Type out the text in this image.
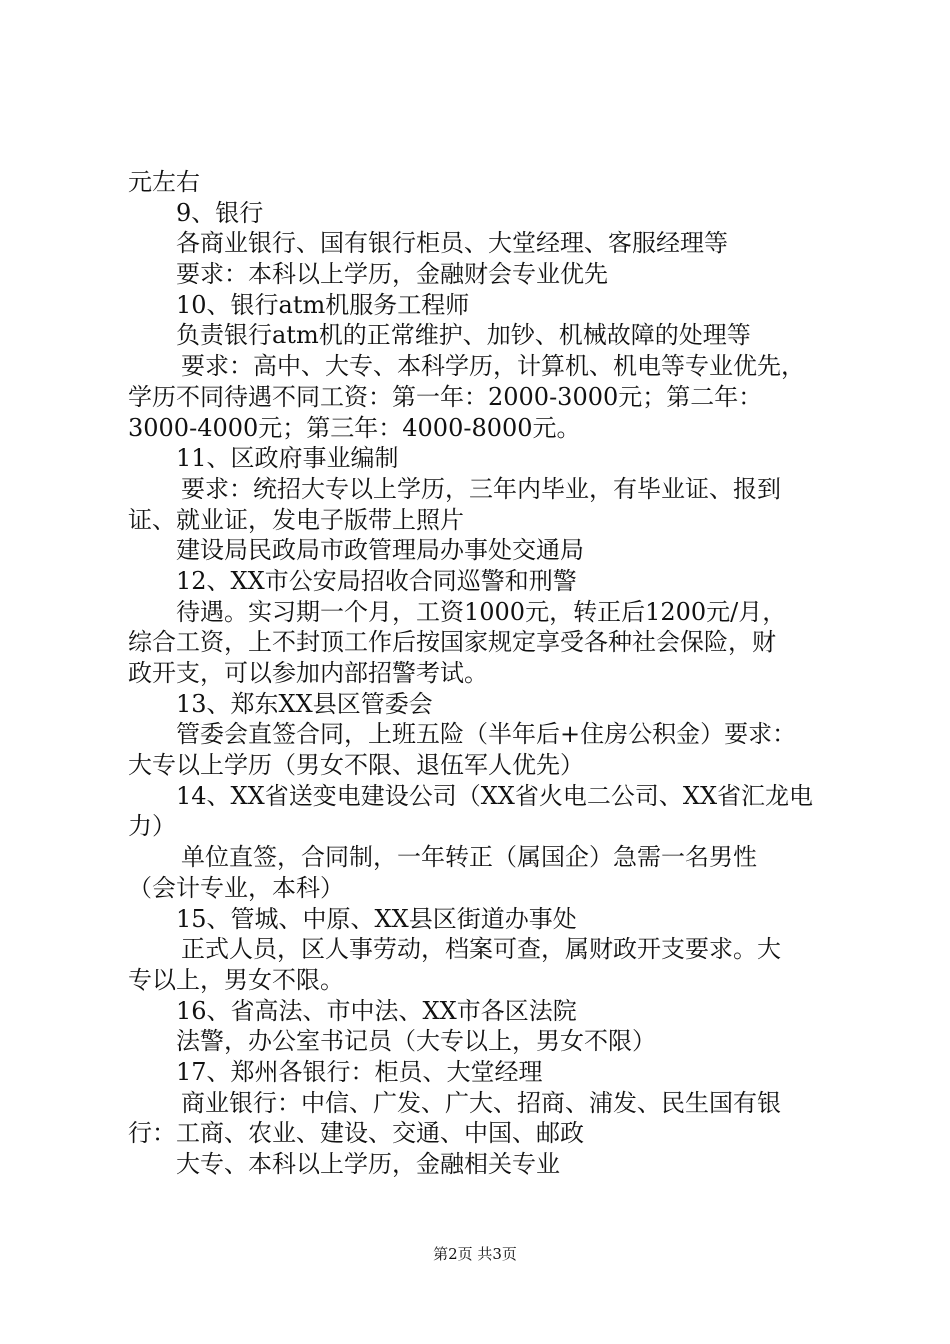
元左右
9、银行
各商业银行、国有银行柜员、大堂经理、客服经理等
要求：本科以上学历，金融财会专业优先
10、银行atm机服务工程师
负责银行atm机的正常维护、加钞、机械故障的处理等
要求：高中、大专、本科学历，计算机、机电等专业优先，
学历不同待遇不同工资：第一年：2000-3000元；第二年：
3000-4000元；第三年：4000-8000元。
11、区政府事业编制
要求：统招大专以上学历，三年内毕业，有毕业证、报到
证、就业证，发电子版带上照片
建设局民政局市政管理局办事处交通局
12、XX市公安局招收合同巡警和刑警
待遇。实习期一个月，工资1000元，转正后1200元/月，
综合工资，上不封顶工作后按国家规定享受各种社会保险，财
政开支，可以参加内部招警考试。
13、郑东XX县区管委会
管委会直签合同，上班五险（半年后+住房公积金）要求：
大专以上学历（男女不限、退伍军人优先）
14、XX省送变电建设公司（XX省火电二公司、XX省汇龙电
力）
单位直签，合同制，一年转正（属国企）急需一名男性
（会计专业，本科）
15、管城、中原、XX县区街道办事处
正式人员，区人事劳动，档案可查，属财政开支要求。大
专以上，男女不限。
16、省高法、市中法、XX市各区法院
法警，办公室书记员（大专以上，男女不限）
17、郑州各银行：柜员、大堂经理
商业银行：中信、广发、广大、招商、浦发、民生国有银
行：工商、农业、建设、交通、中国、邮政
大专、本科以上学历，金融相关专业
第2页 共3页
